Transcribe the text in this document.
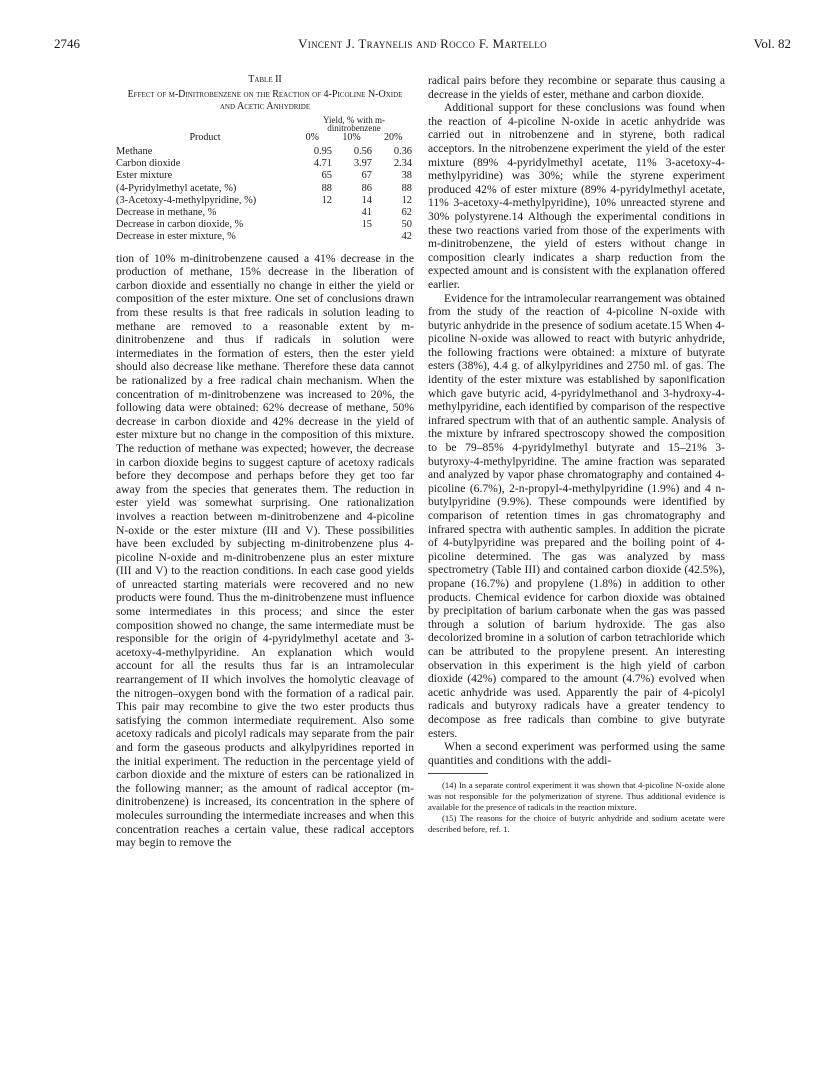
2746	Vincent J. Traynelis and Rocco F. Martello	Vol. 82
Table II
Effect of m-Dinitrobenzene on the Reaction of 4-Picoline N-Oxide and Acetic Anhydride
Product	Yield, % with m-dinitrobenzene
0% 10% 20%		

Methane	0.95	0.56	0.36
Carbon dioxide	4.71	3.97	2.34
Ester mixture	65	67	38
(4-Pyridylmethyl acetate, %)	88	86	88
(3-Acetoxy-4-methylpyridine, %)	12	14	12
Decrease in methane, %		41	62
Decrease in carbon dioxide, %		15	50
Decrease in ester mixture, %			42

tion of 10% m-dinitrobenzene caused a 41% decrease in the production of methane, 15% decrease in the liberation of carbon dioxide and essentially no change in either the yield or composition of the ester mixture. One set of conclusions drawn from these results is that free radicals in solution leading to methane are removed to a reasonable extent by m-dinitrobenzene and thus if radicals in solution were intermediates in the formation of esters, then the ester yield should also decrease like methane. Therefore these data cannot be rationalized by a free radical chain mechanism. When the concentration of m-dinitrobenzene was increased to 20%, the following data were obtained: 62% decrease of methane, 50% decrease in carbon dioxide and 42% decrease in the yield of ester mixture but no change in the composition of this mixture. The reduction of methane was expected; however, the decrease in carbon dioxide begins to suggest capture of acetoxy radicals before they decompose and perhaps before they get too far away from the species that generates them. The reduction in ester yield was somewhat surprising. One rationalization involves a reaction between m-dinitrobenzene and 4-picoline N-oxide or the ester mixture (III and V). These possibilities have been excluded by subjecting m-dinitrobenzene plus 4-picoline N-oxide and m-dinitrobenzene plus an ester mixture (III and V) to the reaction conditions. In each case good yields of unreacted starting materials were recovered and no new products were found. Thus the m-dinitrobenzene must influence some intermediates in this process; and since the ester composition showed no change, the same intermediate must be responsible for the origin of 4-pyridylmethyl acetate and 3-acetoxy-4-methylpyridine. An explanation which would account for all the results thus far is an intramolecular rearrangement of II which involves the homolytic cleavage of the nitrogen–oxygen bond with the formation of a radical pair. This pair may recombine to give the two ester products thus satisfying the common intermediate requirement. Also some acetoxy radicals and picolyl radicals may separate from the pair and form the gaseous products and alkylpyridines reported in the initial experiment. The reduction in the percentage yield of carbon dioxide and the mixture of esters can be rationalized in the following manner; as the amount of radical acceptor (m-dinitrobenzene) is increased, its concentration in the sphere of molecules surrounding the intermediate increases and when this concentration reaches a certain value, these radical acceptors may begin to remove the

radical pairs before they recombine or separate thus causing a decrease in the yields of ester, methane and carbon dioxide.

Additional support for these conclusions was found when the reaction of 4-picoline N-oxide in acetic anhydride was carried out in nitrobenzene and in styrene, both radical acceptors. In the nitrobenzene experiment the yield of the ester mixture (89% 4-pyridylmethyl acetate, 11% 3-acetoxy-4-methylpyridine) was 30%; while the styrene experiment produced 42% of ester mixture (89% 4-pyridylmethyl acetate, 11% 3-acetoxy-4-methylpyridine), 10% unreacted styrene and 30% polystyrene.14 Although the experimental conditions in these two reactions varied from those of the experiments with m-dinitrobenzene, the yield of esters without change in composition clearly indicates a sharp reduction from the expected amount and is consistent with the explanation offered earlier.

Evidence for the intramolecular rearrangement was obtained from the study of the reaction of 4-picoline N-oxide with butyric anhydride in the presence of sodium acetate.15 When 4-picoline N-oxide was allowed to react with butyric anhydride, the following fractions were obtained: a mixture of butyrate esters (38%), 4.4 g. of alkylpyridines and 2750 ml. of gas. The identity of the ester mixture was established by saponification which gave butyric acid, 4-pyridylmethanol and 3-hydroxy-4-methylpyridine, each identified by comparison of the respective infrared spectrum with that of an authentic sample. Analysis of the mixture by infrared spectroscopy showed the composition to be 79–85% 4-pyridylmethyl butyrate and 15–21% 3-butyroxy-4-methylpyridine. The amine fraction was separated and analyzed by vapor phase chromatography and contained 4-picoline (6.7%), 2-n-propyl-4-methylpyridine (1.9%) and 4 n-butylpyridine (9.9%). These compounds were identified by comparison of retention times in gas chromatography and infrared spectra with authentic samples. In addition the picrate of 4-butylpyridine was prepared and the boiling point of 4-picoline determined. The gas was analyzed by mass spectrometry (Table III) and contained carbon dioxide (42.5%), propane (16.7%) and propylene (1.8%) in addition to other products. Chemical evidence for carbon dioxide was obtained by precipitation of barium carbonate when the gas was passed through a solution of barium hydroxide. The gas also decolorized bromine in a solution of carbon tetrachloride which can be attributed to the propylene present. An interesting observation in this experiment is the high yield of carbon dioxide (42%) compared to the amount (4.7%) evolved when acetic anhydride was used. Apparently the pair of 4-picolyl radicals and butyroxy radicals have a greater tendency to decompose as free radicals than combine to give butyrate esters.

When a second experiment was performed using the same quantities and conditions with the addi-

(14) In a separate control experiment it was shown that 4-picoline N-oxide alone was not responsible for the polymerization of styrene. Thus additional evidence is available for the presence of radicals in the reaction mixture.
(15) The reasons for the choice of butyric anhydride and sodium acetate were described before, ref. 1.
